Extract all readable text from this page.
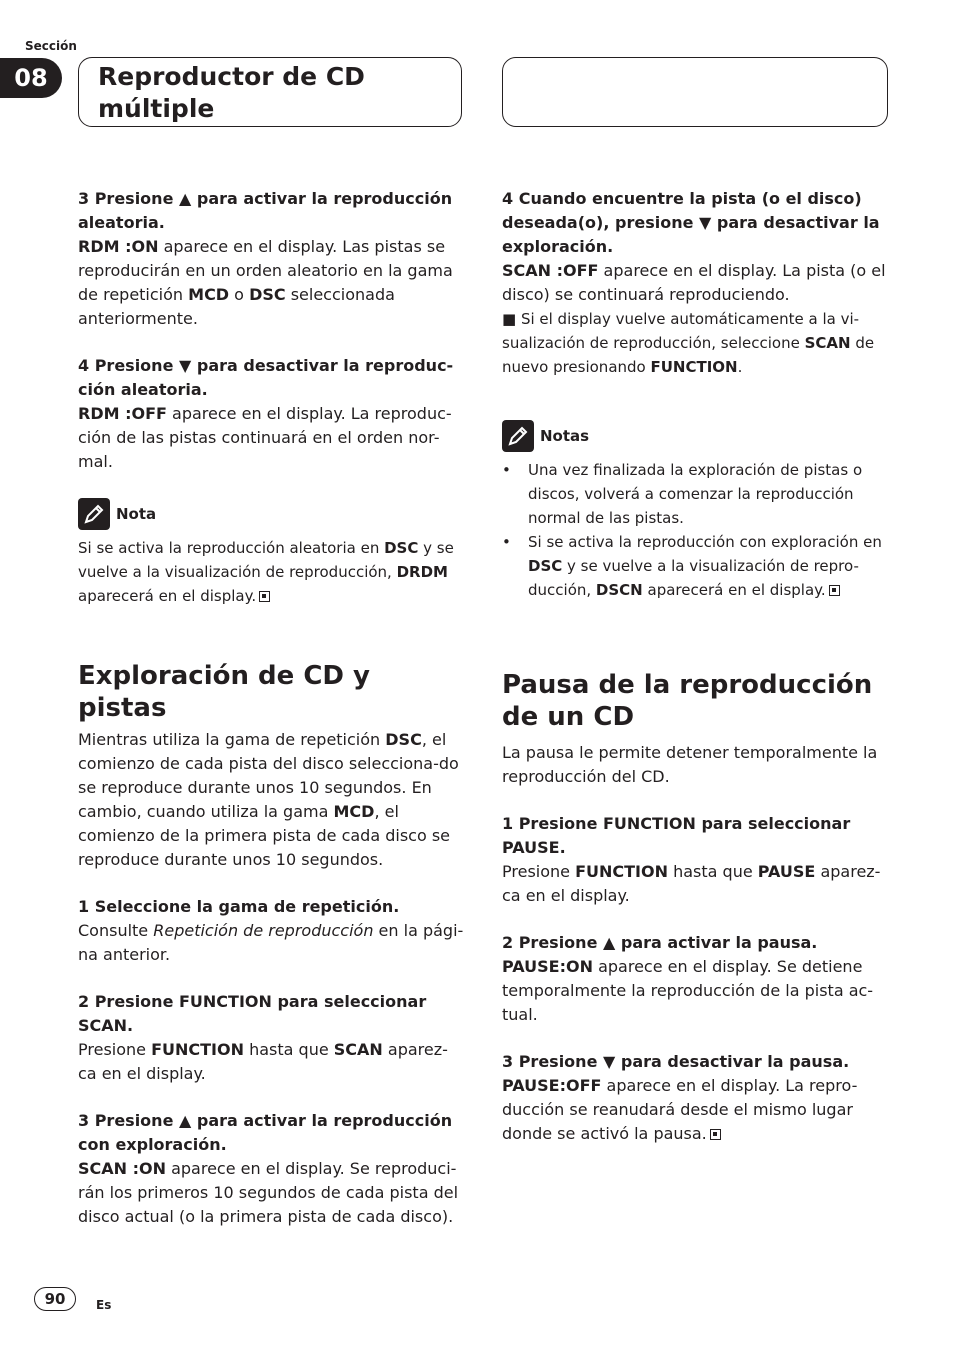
Sección
08	Reproductor de CD
múltiple

3 Presione ▲ para activar la reproducción aleatoria.

RDM :ON aparece en el display. Las pistas se reproducirán en un orden aleatorio en la gama de repetición MCD o DSC seleccionada anteriormente.

4 Presione ▼ para desactivar la reproduc-ción aleatoria.

RDM :OFF aparece en el display. La reproduc-ción de las pistas continuará en el orden nor-mal.

Nota

Si se activa la reproducción aleatoria en DSC y se vuelve a la visualización de reproducción, DRDM aparecerá en el display.

Exploración de CD y pistas

Mientras utiliza la gama de repetición DSC, el comienzo de cada pista del disco selecciona-do se reproduce durante unos 10 segundos. En cambio, cuando utiliza la gama MCD, el comienzo de la primera pista de cada disco se reproduce durante unos 10 segundos.

1 Seleccione la gama de repetición.

Consulte Repetición de reproducción en la pági-na anterior.

2 Presione FUNCTION para seleccionar SCAN.

Presione FUNCTION hasta que SCAN aparez-ca en el display.

3 Presione ▲ para activar la reproducción con exploración.

SCAN :ON aparece en el display. Se reproduci-rán los primeros 10 segundos de cada pista del disco actual (o la primera pista de cada disco).

4 Cuando encuentre la pista (o el disco) deseada(o), presione ▼ para desactivar la exploración.

SCAN :OFF aparece en el display. La pista (o el disco) se continuará reproduciendo.

■ Si el display vuelve automáticamente a la vi-sualización de reproducción, seleccione SCAN de nuevo presionando FUNCTION.

Notas
• Una vez finalizada la exploración de pistas o discos, volverá a comenzar la reproducción normal de las pistas.
• Si se activa la reproducción con exploración en DSC y se vuelve a la visualización de repro-ducción, DSCN aparecerá en el display.
Pausa de la reproducción
de un CD

La pausa le permite detener temporalmente la reproducción del CD.

1 Presione FUNCTION para seleccionar PAUSE.

Presione FUNCTION hasta que PAUSE aparez-ca en el display.

2 Presione ▲ para activar la pausa.

PAUSE:ON aparece en el display. Se detiene temporalmente la reproducción de la pista ac-tual.

3 Presione ▼ para desactivar la pausa.

PAUSE:OFF aparece en el display. La repro-ducción se reanudará desde el mismo lugar donde se activó la pausa.

90	Es
